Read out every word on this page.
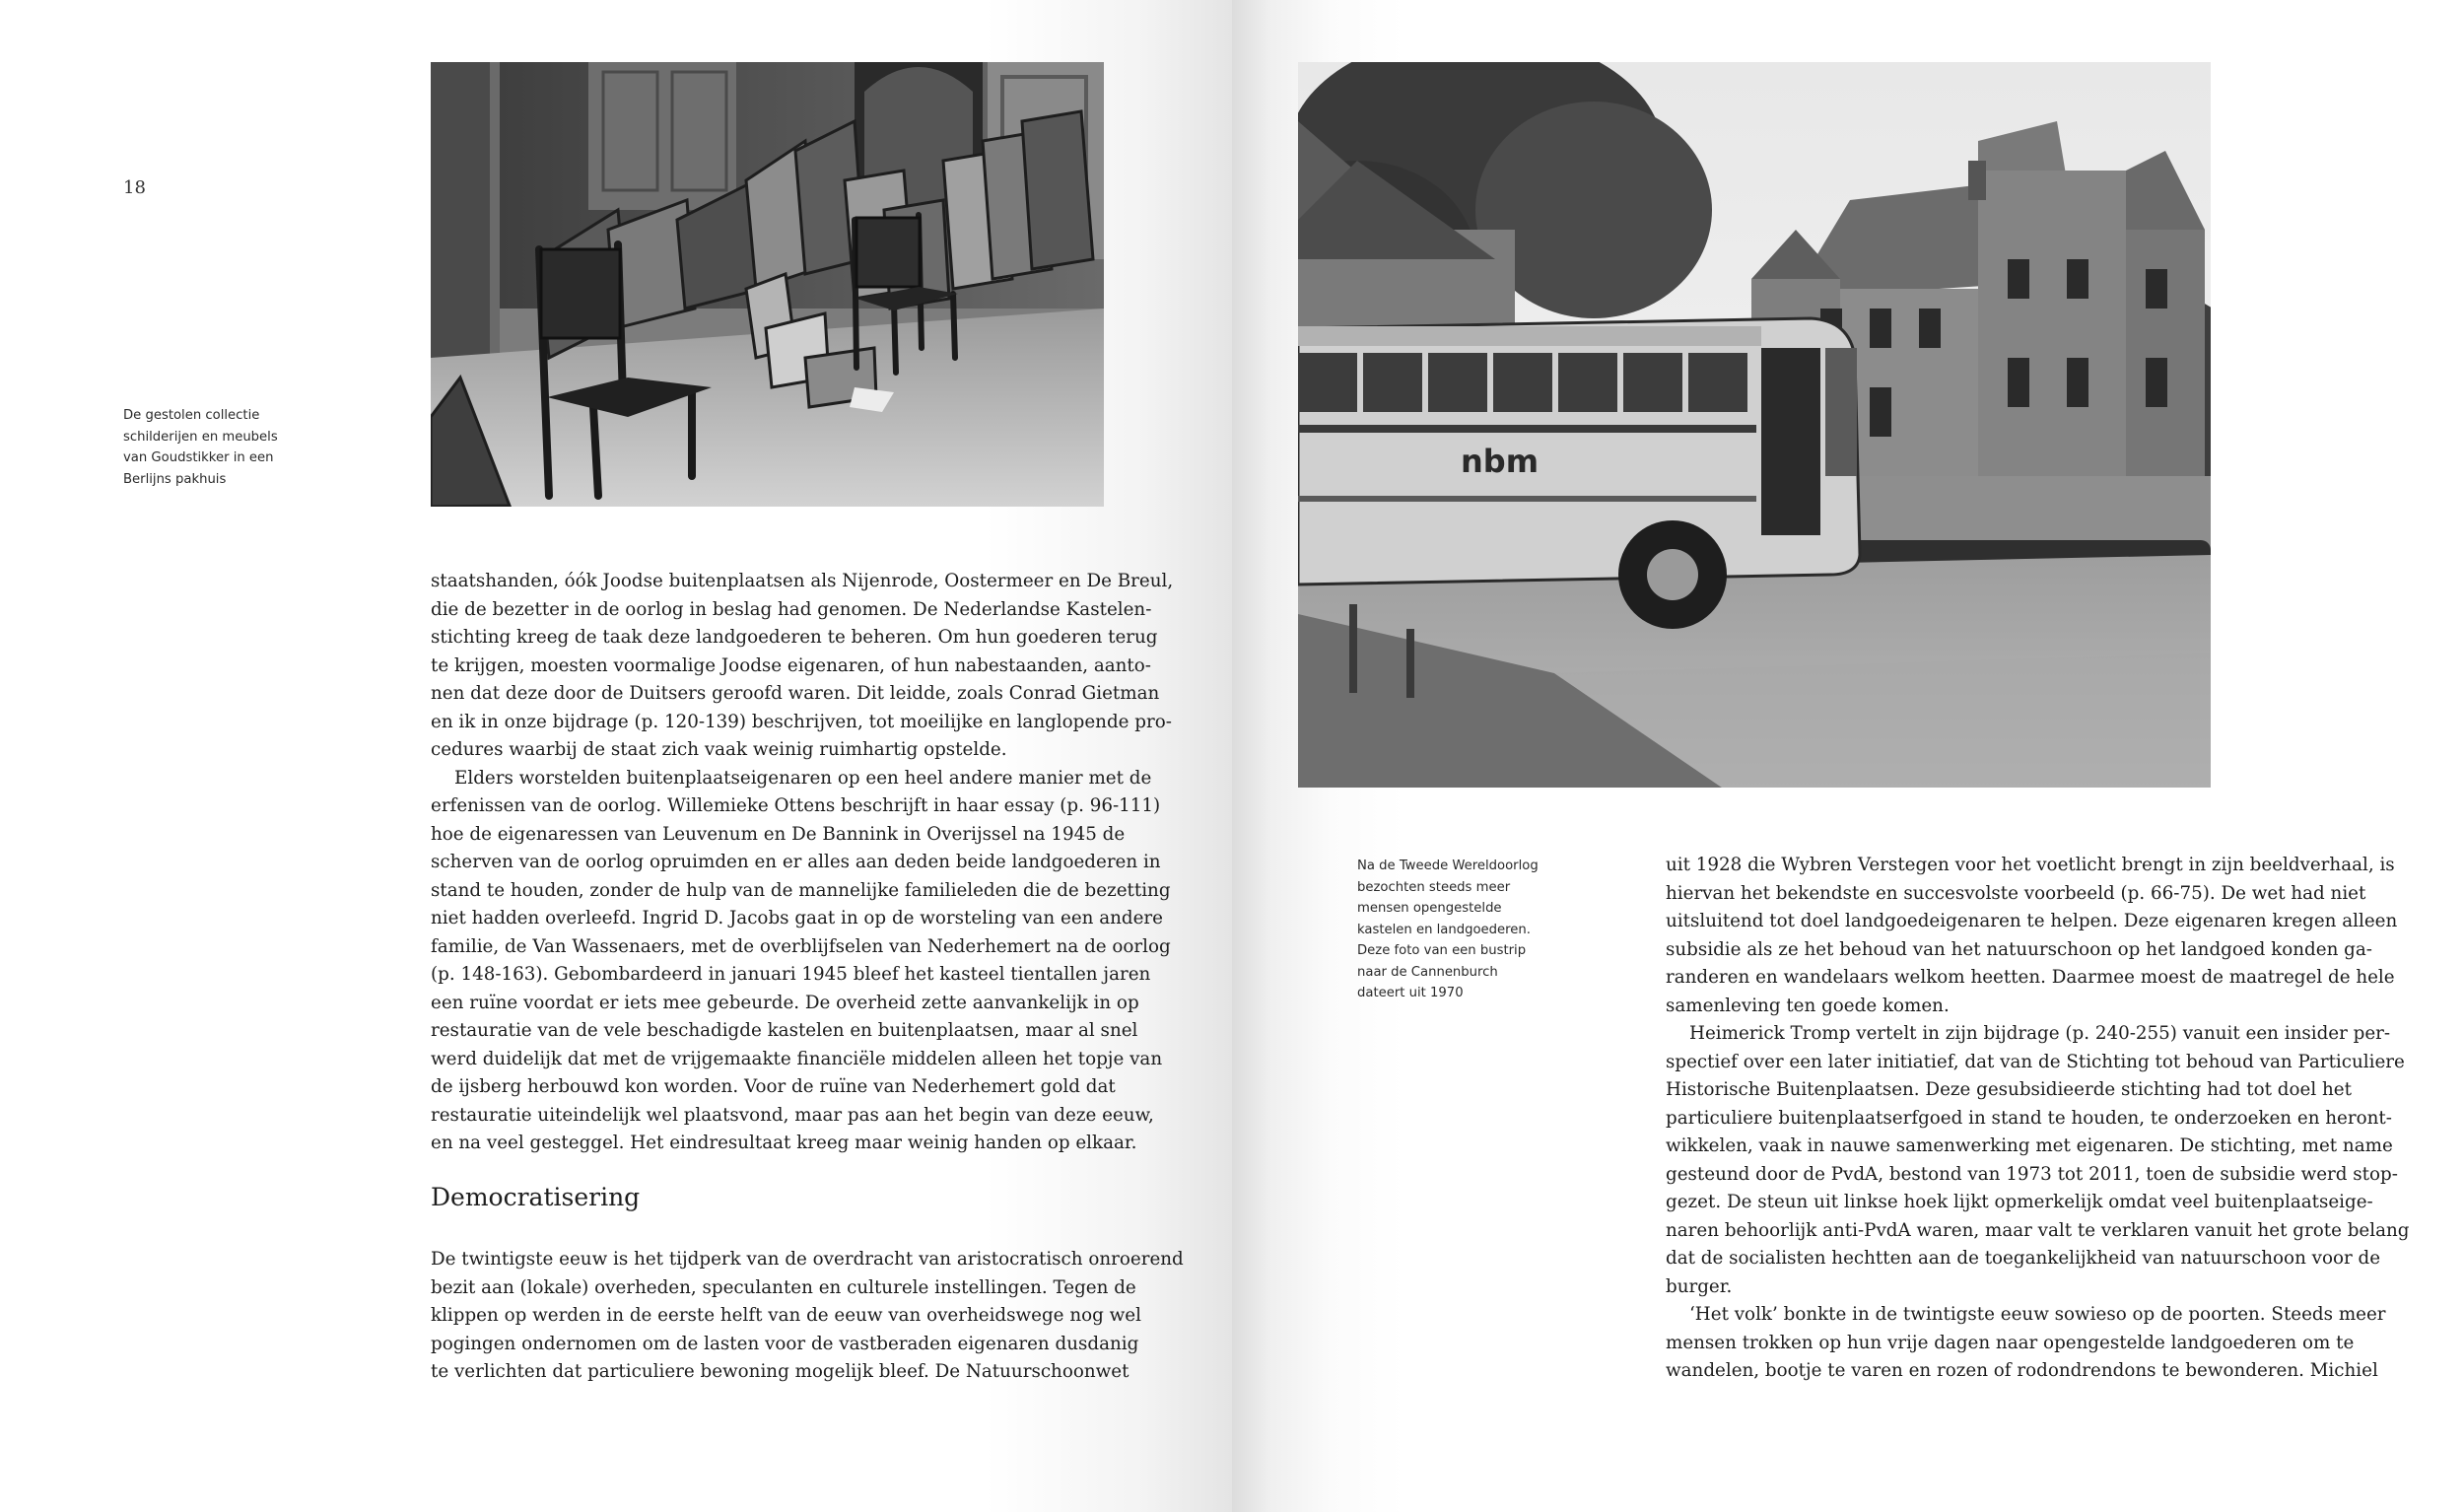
18
De gestolen collectie
schilderijen en meubels
van Goudstikker in een
Berlijns pakhuis
staatshanden, óók Joodse buitenplaatsen als Nijenrode, Oostermeer en De Breul,
die de bezetter in de oorlog in beslag had genomen. De Nederlandse Kastelen-
stichting kreeg de taak deze landgoederen te beheren. Om hun goederen terug
te krijgen, moesten voormalige Joodse eigenaren, of hun nabestaanden, aanto-
nen dat deze door de Duitsers geroofd waren. Dit leidde, zoals Conrad Gietman
en ik in onze bijdrage (p. 120-139) beschrijven, tot moeilijke en langlopende pro-
cedures waarbij de staat zich vaak weinig ruimhartig opstelde.
Elders worstelden buitenplaatseigenaren op een heel andere manier met de
erfenissen van de oorlog. Willemieke Ottens beschrijft in haar essay (p. 96-111)
hoe de eigenaressen van Leuvenum en De Bannink in Overijssel na 1945 de
scherven van de oorlog opruimden en er alles aan deden beide landgoederen in
stand te houden, zonder de hulp van de mannelijke familieleden die de bezetting
niet hadden overleefd. Ingrid D. Jacobs gaat in op de worsteling van een andere
familie, de Van Wassenaers, met de overblijfselen van Nederhemert na de oorlog
(p. 148-163). Gebombardeerd in januari 1945 bleef het kasteel tientallen jaren
een ruïne voordat er iets mee gebeurde. De overheid zette aanvankelijk in op
restauratie van de vele beschadigde kastelen en buitenplaatsen, maar al snel
werd duidelijk dat met de vrijgemaakte financiële middelen alleen het topje van
de ijsberg herbouwd kon worden. Voor de ruïne van Nederhemert gold dat
restauratie uiteindelijk wel plaatsvond, maar pas aan het begin van deze eeuw,
en na veel gesteggel. Het eindresultaat kreeg maar weinig handen op elkaar.
Democratisering
De twintigste eeuw is het tijdperk van de overdracht van aristocratisch onroerend
bezit aan (lokale) overheden, speculanten en culturele instellingen. Tegen de
klippen op werden in de eerste helft van de eeuw van overheidswege nog wel
pogingen ondernomen om de lasten voor de vastberaden eigenaren dusdanig
te verlichten dat particuliere bewoning mogelijk bleef. De Natuurschoonwet
nbm
Na de Tweede Wereldoorlog
bezochten steeds meer
mensen opengestelde
kastelen en landgoederen.
Deze foto van een bustrip
naar de Cannenburch
dateert uit 1970
uit 1928 die Wybren Verstegen voor het voetlicht brengt in zijn beeldverhaal, is
hiervan het bekendste en succesvolste voorbeeld (p. 66-75). De wet had niet
uitsluitend tot doel landgoedeigenaren te helpen. Deze eigenaren kregen alleen
subsidie als ze het behoud van het natuurschoon op het landgoed konden ga-
randeren en wandelaars welkom heetten. Daarmee moest de maatregel de hele
samenleving ten goede komen.
Heimerick Tromp vertelt in zijn bijdrage (p. 240-255) vanuit een insider per-
spectief over een later initiatief, dat van de Stichting tot behoud van Particuliere
Historische Buitenplaatsen. Deze gesubsidieerde stichting had tot doel het
particuliere buitenplaatserfgoed in stand te houden, te onderzoeken en heront-
wikkelen, vaak in nauwe samenwerking met eigenaren. De stichting, met name
gesteund door de PvdA, bestond van 1973 tot 2011, toen de subsidie werd stop-
gezet. De steun uit linkse hoek lijkt opmerkelijk omdat veel buitenplaatseige-
naren behoorlijk anti-PvdA waren, maar valt te verklaren vanuit het grote belang
dat de socialisten hechtten aan de toegankelijkheid van natuurschoon voor de
burger.
‘Het volk’ bonkte in de twintigste eeuw sowieso op de poorten. Steeds meer
mensen trokken op hun vrije dagen naar opengestelde landgoederen om te
wandelen, bootje te varen en rozen of rodondrendons te bewonderen. Michiel
